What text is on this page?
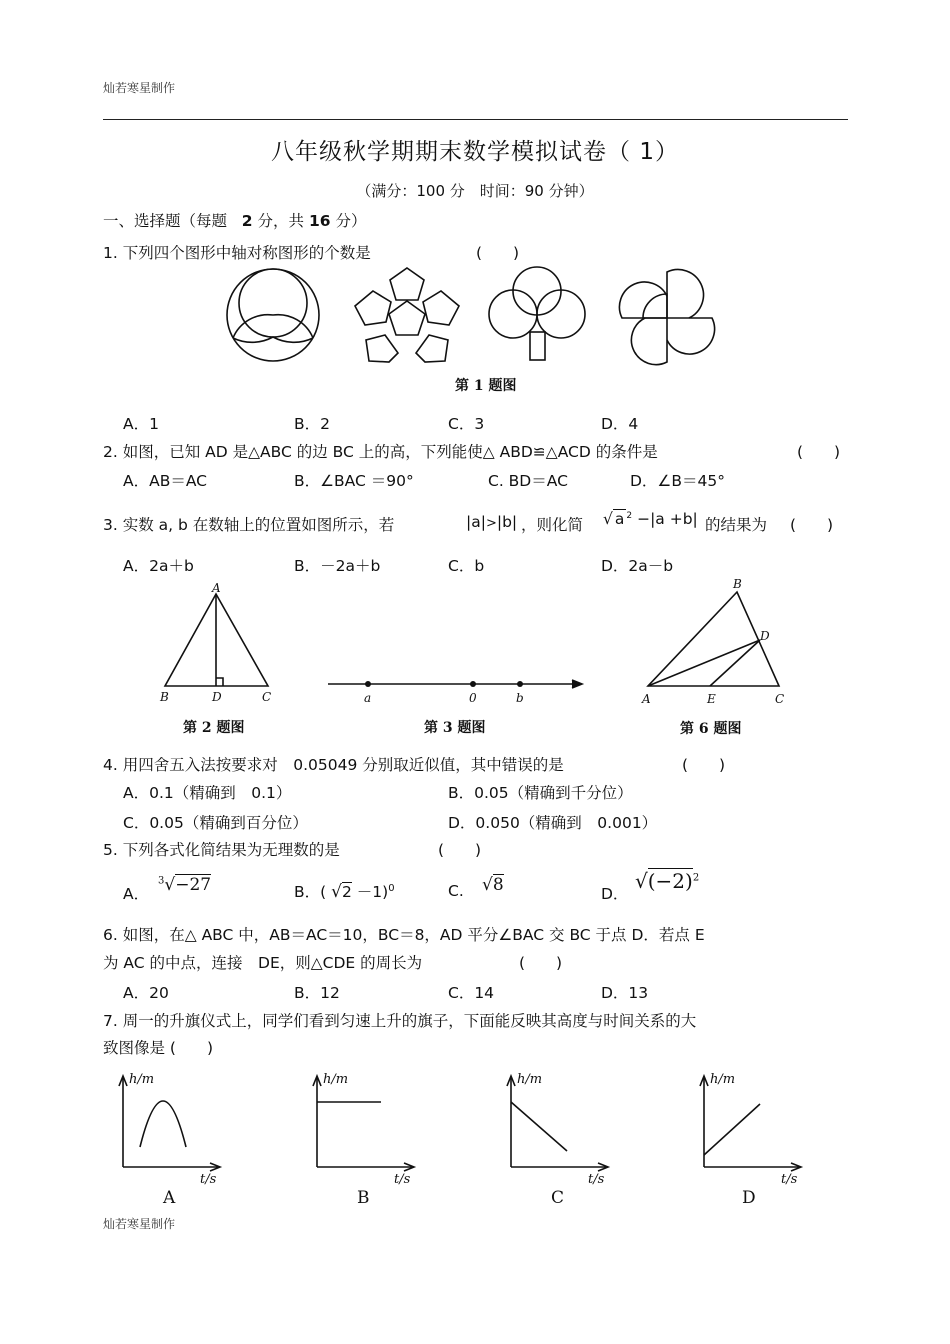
灿若寒星制作
灿若寒星制作
八年级秋学期期末数学模拟试卷（ 1）
（满分：100 分　时间：90 分钟）
一、选择题（每题 2 分，共 16 分）
1. 下列四个图形中轴对称图形的个数是	(　　)
第 1 题图
A．1	B．2	C．3	D．4
2. 如图，已知 AD 是△ABC 的边 BC 上的高，下列能使△ ABD≌△ACD 的条件是	(　　)
A．AB＝AC	B．∠BAC ＝90°	C. BD＝AC	D．∠B＝45°
3. 实数 a, b 在数轴上的位置如图所示，若	|a|>|b| ，则化简 √ a $^2$ −|a +b| 的结果为 (　　)
A．2a＋b	B．－2a＋b	C．b	D．2a－b
A
B	D	C
第 2 题图
a	0	b
第 3 题图
B
D
A	E	C
第 6 题图
4. 用四舍五入法按要求对　0.05049 分别取近似值，其中错误的是	(　　)
A．0.1（精确到　0.1）	B．0.05（精确到千分位）
C．0.05（精确到百分位）	D．0.050（精确到　0.001）
5. 下列各式化简结果为无理数的是	(　　)
A．
$^3$√−27	B．( √2 －1)$^0$	C. √8	D．
$√(-2)^2$
6. 如图，在△ ABC 中，AB＝AC＝10，BC＝8，AD 平分∠BAC 交 BC 于点 D．若点 E
为 AC 的中点，连接　DE，则△CDE 的周长为	(　　)
A．20	B．12	C．14	D．13
7. 周一的升旗仪式上，同学们看到匀速上升的旗子，下面能反映其高度与时间关系的大
致图像是 (　　)
h/m
t/s
A
h/m
t/s
B
h/m
t/s
C
h/m
t/s
D
